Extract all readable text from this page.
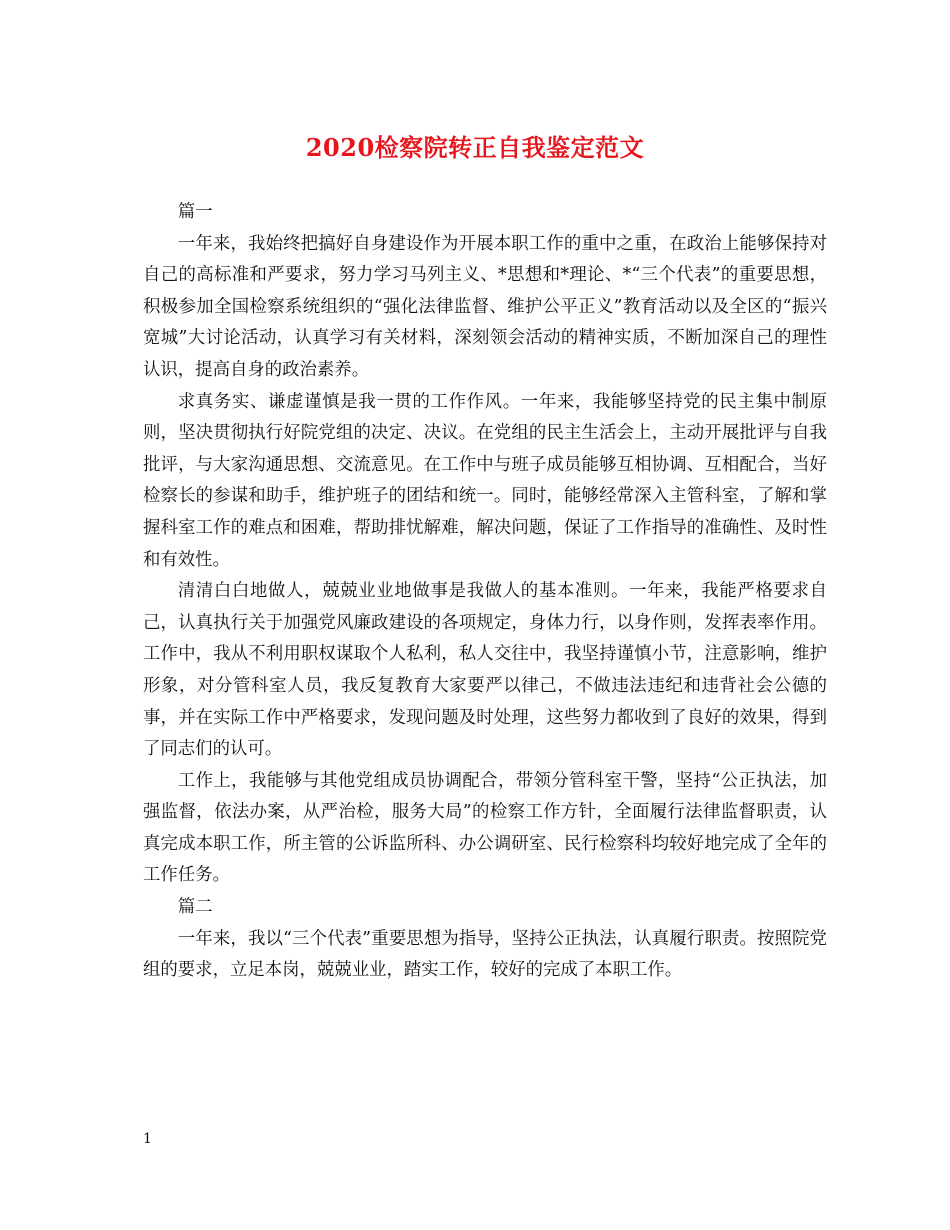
2020检察院转正自我鉴定范文

篇一

一年来，我始终把搞好自身建设作为开展本职工作的重中之重，在政治上能够保持对自己的高标准和严要求，努力学习马列主义、*思想和*理论、*“三个代表”的重要思想，积极参加全国检察系统组织的“强化法律监督、维护公平正义”教育活动以及全区的“振兴宽城”大讨论活动，认真学习有关材料，深刻领会活动的精神实质，不断加深自己的理性认识，提高自身的政治素养。

求真务实、谦虚谨慎是我一贯的工作作风。一年来，我能够坚持党的民主集中制原则，坚决贯彻执行好院党组的决定、决议。在党组的民主生活会上，主动开展批评与自我批评，与大家沟通思想、交流意见。在工作中与班子成员能够互相协调、互相配合，当好检察长的参谋和助手，维护班子的团结和统一。同时，能够经常深入主管科室，了解和掌握科室工作的难点和困难，帮助排忧解难，解决问题，保证了工作指导的准确性、及时性和有效性。

清清白白地做人，兢兢业业地做事是我做人的基本准则。一年来，我能严格要求自己，认真执行关于加强党风廉政建设的各项规定，身体力行，以身作则，发挥表率作用。工作中，我从不利用职权谋取个人私利，私人交往中，我坚持谨慎小节，注意影响，维护形象，对分管科室人员，我反复教育大家要严以律己，不做违法违纪和违背社会公德的事，并在实际工作中严格要求，发现问题及时处理，这些努力都收到了良好的效果，得到了同志们的认可。

工作上，我能够与其他党组成员协调配合，带领分管科室干警，坚持“公正执法，加强监督，依法办案，从严治检，服务大局”的检察工作方针，全面履行法律监督职责，认真完成本职工作，所主管的公诉监所科、办公调研室、民行检察科均较好地完成了全年的工作任务。

篇二

一年来，我以“三个代表”重要思想为指导，坚持公正执法，认真履行职责。按照院党组的要求，立足本岗，兢兢业业，踏实工作，较好的完成了本职工作。

1
